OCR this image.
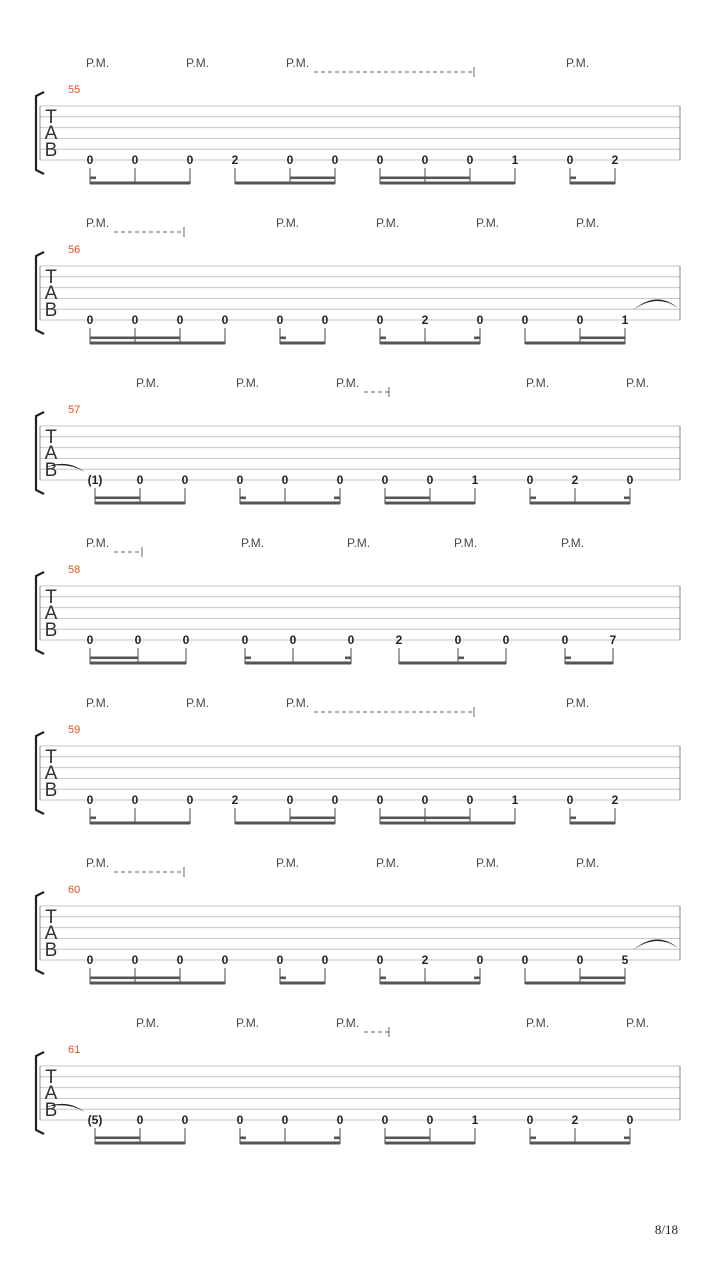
T
A
B
55
P.M.	P.M.	P.M.	P.M.
0	0	0	2	0	0	0	0	0	1	0	2
T
A
B
56
P.M.	P.M.	P.M.	P.M.	P.M.
0	0	0	0	0	0	0	2	0	0	0	1
T
A
B
57
P.M.	P.M.	P.M.	P.M.	P.M.
(1)	0	0	0	0	0	0	0	1	0	2	0
T
A
B
58
P.M.	P.M.	P.M.	P.M.	P.M.
0	0	0	0	0	0	2	0	0	0	7
T
A
B
59
P.M.	P.M.	P.M.	P.M.
0	0	0	2	0	0	0	0	0	1	0	2
T
A
B
60
P.M.	P.M.	P.M.	P.M.	P.M.
0	0	0	0	0	0	0	2	0	0	0	5
T
A
B
61
P.M.	P.M.	P.M.	P.M.	P.M.
(5)	0	0	0	0	0	0	0	1	0	2	0
8/18
